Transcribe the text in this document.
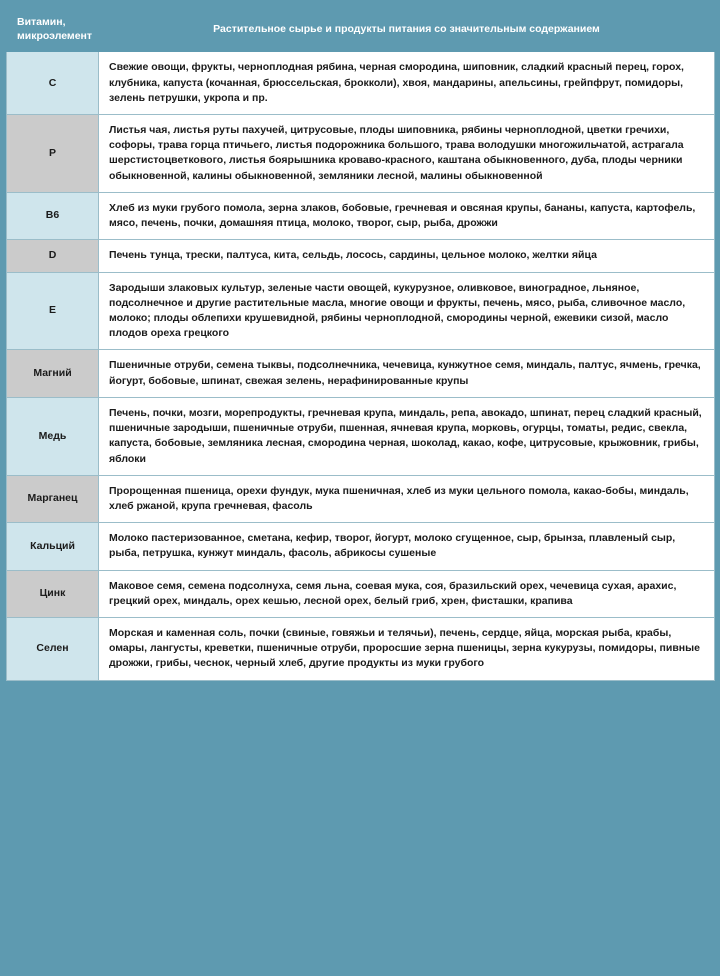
Витамин,
микроэлемент	Растительное сырье и продукты питания со значительным содержанием
C	Свежие овощи, фрукты, черноплодная рябина, черная смородина, шиповник, сладкий красный перец, горох, клубника, капуста (кочанная, брюссельская, брокколи), хвоя, мандарины, апельсины, грейпфрут, помидоры, зелень петрушки, укропа и пр.
P	Листья чая, листья руты пахучей, цитрусовые, плоды шиповника, рябины черноплодной, цветки гречихи, софоры, трава горца птичьего, листья подорожника большого, трава володушки многожильчатой, астрагала шерстистоцветкового, листья боярышника кроваво-красного, каштана обыкновенного, дуба, плоды черники обыкновенной, калины обыкновенной, земляники лесной, малины обыкновенной
B6	Хлеб из муки грубого помола, зерна злаков, бобовые, гречневая и овсяная крупы, бананы, капуста, картофель, мясо, печень, почки, домашняя птица, молоко, творог, сыр, рыба, дрожжи
D	Печень тунца, трески, палтуса, кита, сельдь, лосось, сардины, цельное молоко, желтки яйца
E	Зародыши злаковых культур, зеленые части овощей, кукурузное, оливковое, виноградное, льняное, подсолнечное и другие растительные масла, многие овощи и фрукты, печень, мясо, рыба, сливочное масло, молоко; плоды облепихи крушевидной, рябины черноплодной, смородины черной, ежевики сизой, масло плодов ореха грецкого
Магний	Пшеничные отруби, семена тыквы, подсолнечника, чечевица, кунжутное семя, миндаль, палтус, ячмень, гречка, йогурт, бобовые, шпинат, свежая зелень, нерафинированные крупы
Медь	Печень, почки, мозги, морепродукты, гречневая крупа, миндаль, репа, авокадо, шпинат, перец сладкий красный, пшеничные зародыши, пшеничные отруби, пшенная, ячневая крупа, морковь, огурцы, томаты, редис, свекла, капуста, бобовые, земляника лесная, смородина черная, шоколад, какао, кофе, цитрусовые, крыжовник, грибы, яблоки
Марганец	Пророщенная пшеница, орехи фундук, мука пшеничная, хлеб из муки цельного помола, какао-бобы, миндаль, хлеб ржаной, крупа гречневая, фасоль
Кальций	Молоко пастеризованное, сметана, кефир, творог, йогурт, молоко сгущенное, сыр, брынза, плавленый сыр, рыба, петрушка, кунжут миндаль, фасоль, абрикосы сушеные
Цинк	Маковое семя, семена подсолнуха, семя льна, соевая мука, соя, бразильский орех, чечевица сухая, арахис, грецкий орех, миндаль, орех кешью, лесной орех, белый гриб, хрен, фисташки, крапива
Селен	Морская и каменная соль, почки (свиные, говяжьи и телячьи), печень, сердце, яйца, морская рыба, крабы, омары, лангусты, креветки, пшеничные отруби, проросшие зерна пшеницы, зерна кукурузы, помидоры, пивные дрожжи, грибы, чеснок, черный хлеб, другие продукты из муки грубого
